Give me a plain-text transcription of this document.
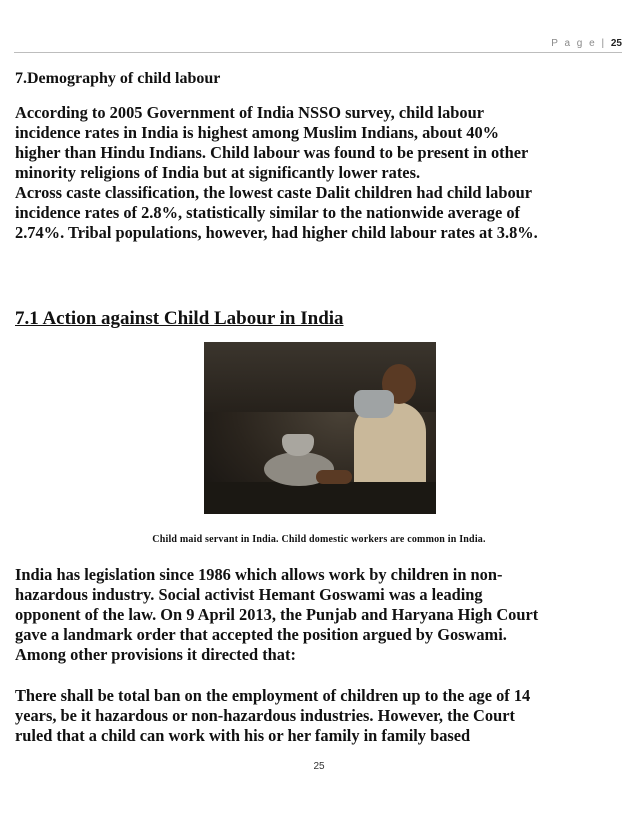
P a g e | 25
7.Demography of child labour
According to 2005 Government of India NSSO survey, child labour
incidence rates in India is highest among Muslim Indians, about 40%
higher than Hindu Indians. Child labour was found to be present in other
minority religions of India but at significantly lower rates.
Across caste classification, the lowest caste Dalit children had child labour
incidence rates of 2.8%, statistically similar to the nationwide average of
2.74%. Tribal populations, however, had higher child labour rates at 3.8%.
7.1 Action against Child Labour in India
Child maid servant in India. Child domestic workers are common in India.
India has legislation since 1986 which allows work by children in non-
hazardous industry. Social activist Hemant Goswami was a leading
opponent of the law. On 9 April 2013, the Punjab and Haryana High Court
gave a landmark order that accepted the position argued by Goswami.
Among other provisions it directed that:
There shall be total ban on the employment of children up to the age of 14
years, be it hazardous or non-hazardous industries. However, the Court
ruled that a child can work with his or her family in family based
25
